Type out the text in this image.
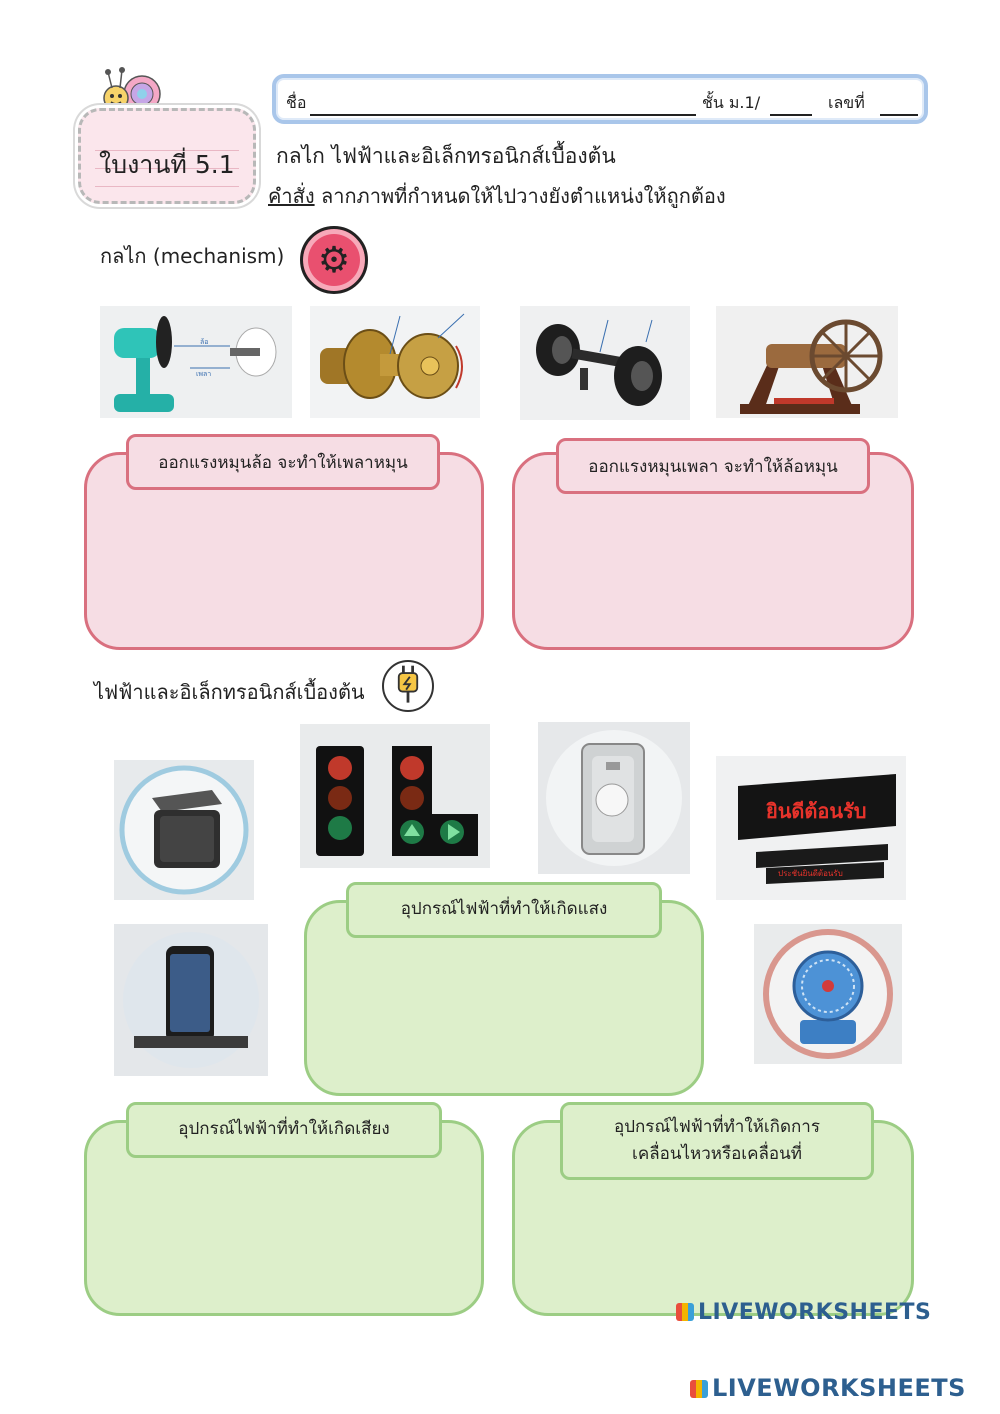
ใบงานที่ 5.1
ชื่อ	ชั้น ม.1/	เลขที่
กลไก ไฟฟ้าและอิเล็กทรอนิกส์เบื้องต้น
คำสั่ง ลากภาพที่กำหนดให้ไปวางยังตำแหน่งให้ถูกต้อง
กลไก (mechanism) ⚙
ล้อ
เพลา
ออกแรงหมุนล้อ จะทำให้เพลาหมุน	ออกแรงหมุนเพลา จะทำให้ล้อหมุน
ไฟฟ้าและอิเล็กทรอนิกส์เบื้องต้น
ยินดีต้อนรับ
ประชันยินดีต้อนรับ
อุปกรณ์ไฟฟ้าที่ทำให้เกิดแสง
อุปกรณ์ไฟฟ้าที่ทำให้เกิดเสียง	อุปกรณ์ไฟฟ้าที่ทำให้เกิดการ
เคลื่อนไหวหรือเคลื่อนที่
LIVEWORKSHEETS
LIVEWORKSHEETS
